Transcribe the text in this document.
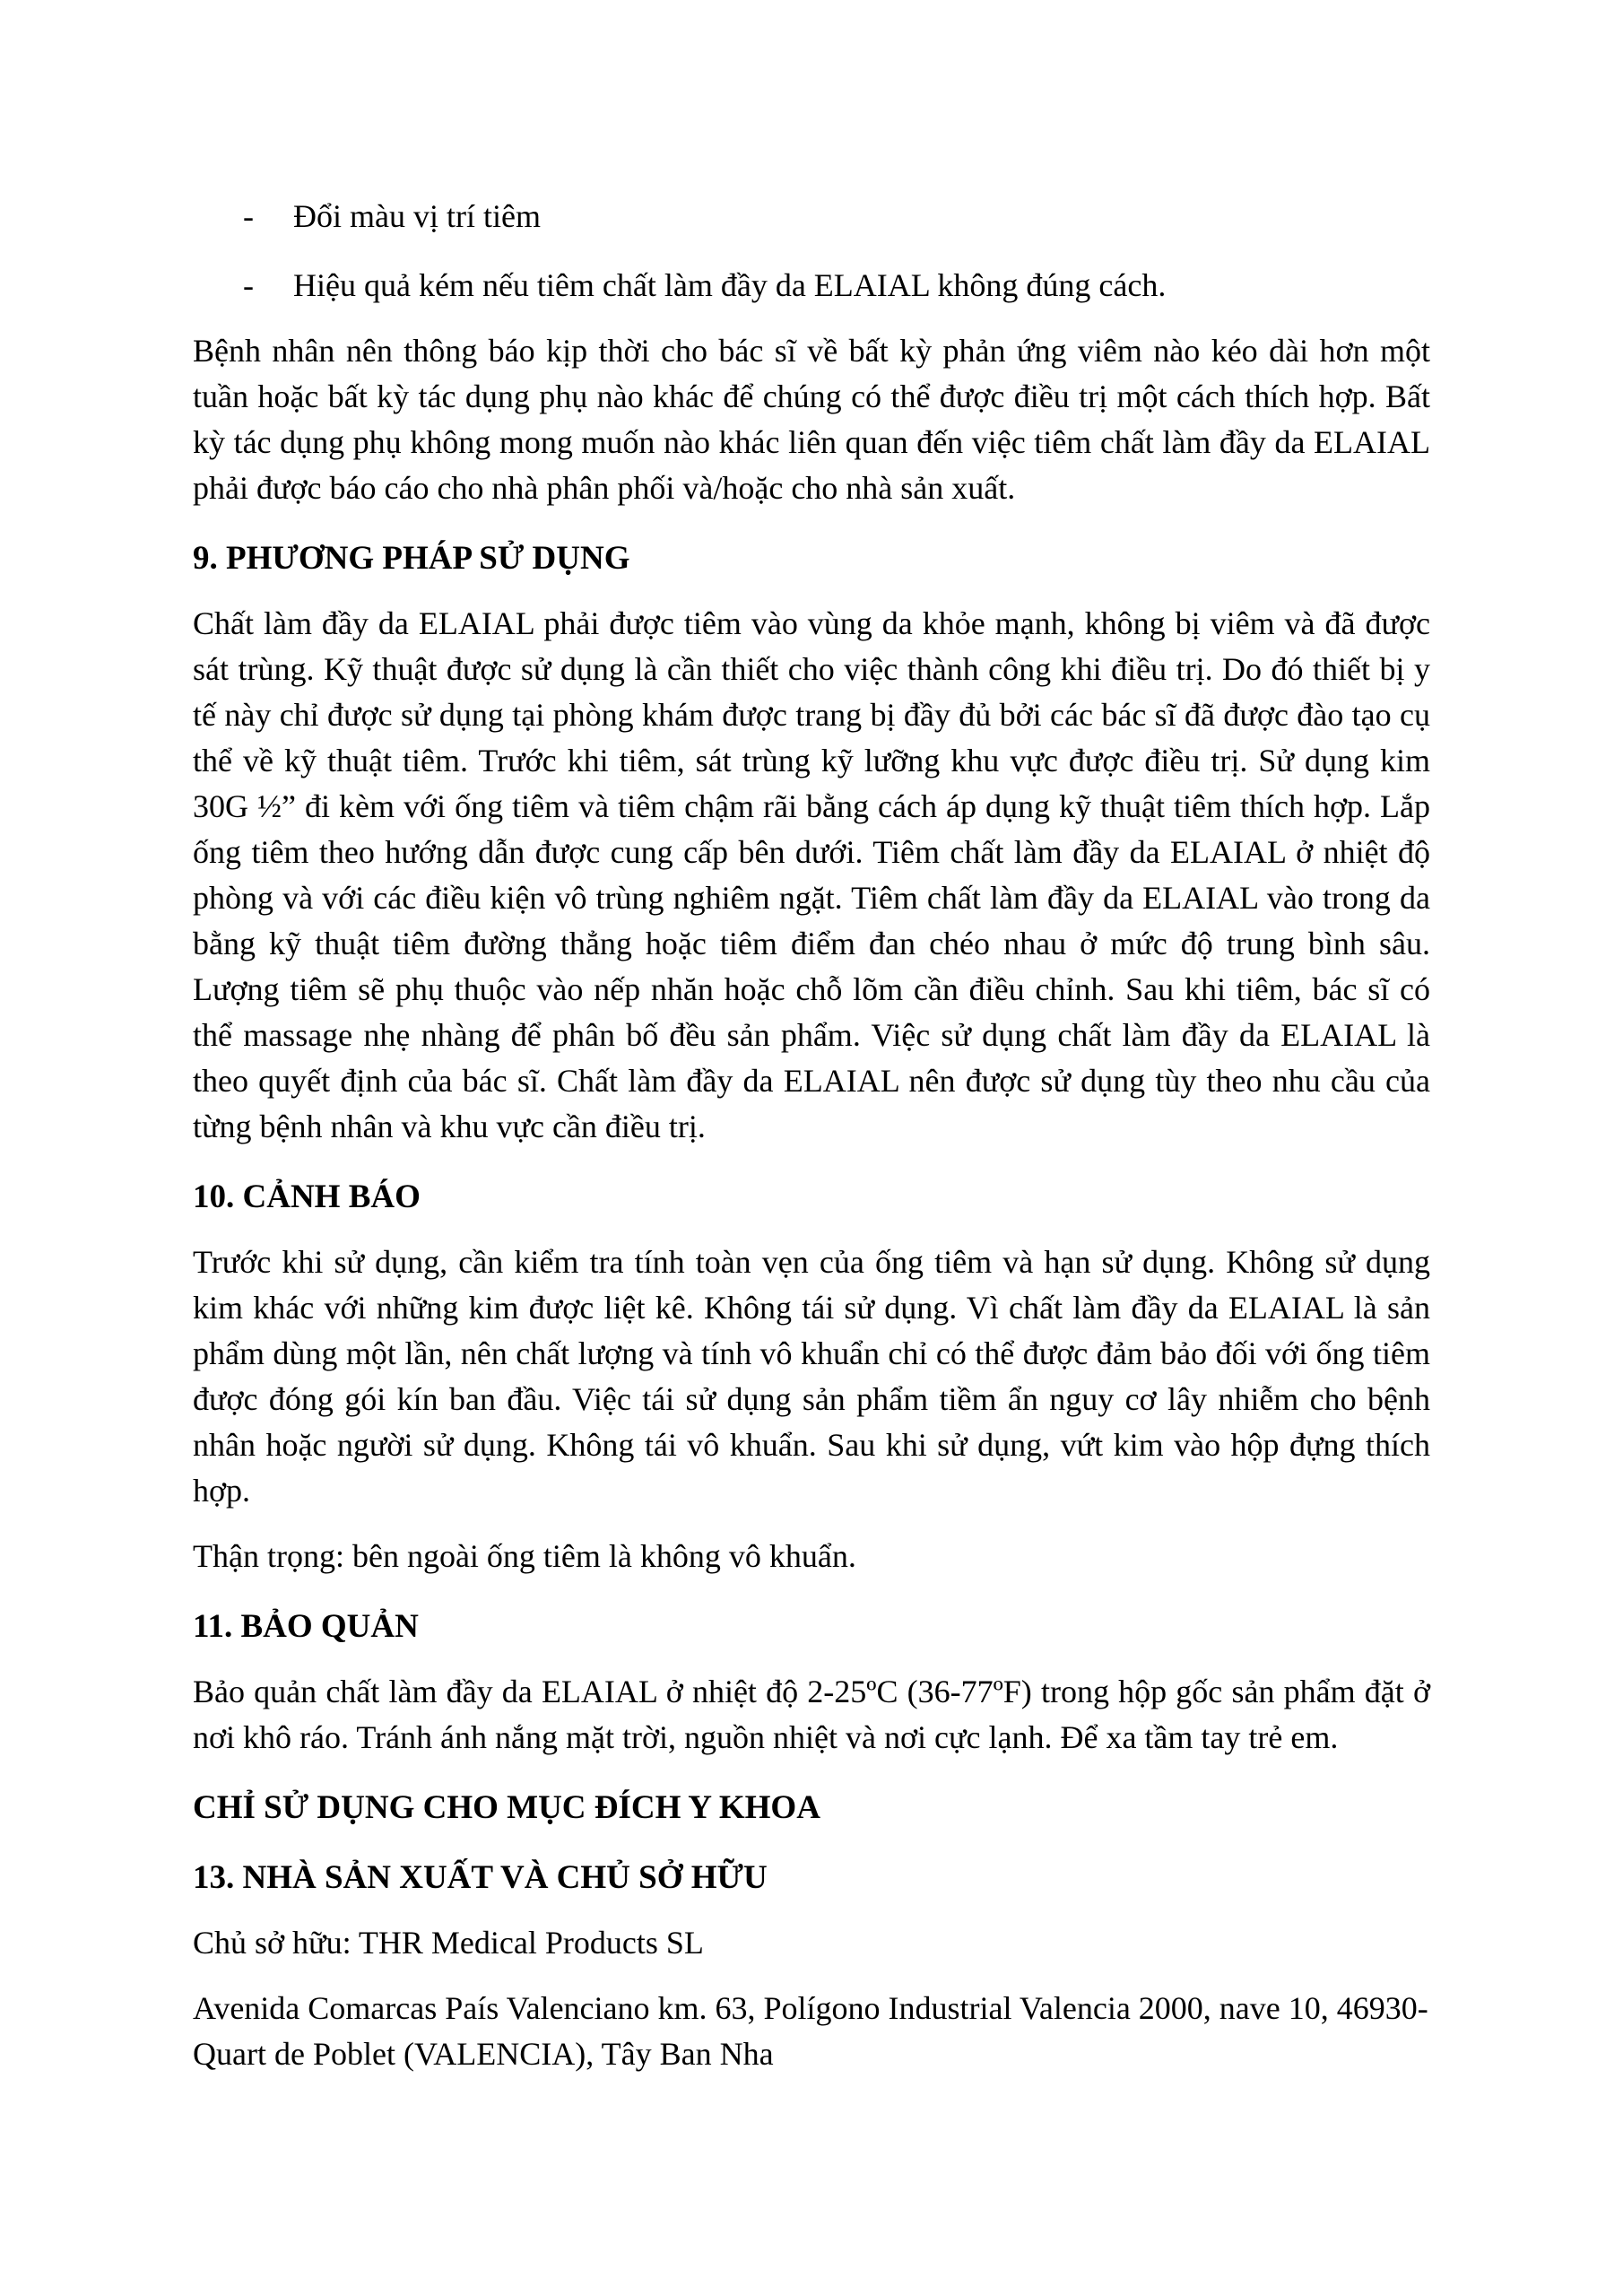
-	Đổi màu vị trí tiêm
-	Hiệu quả kém nếu tiêm chất làm đầy da ELAIAL không đúng cách.

Bệnh nhân nên thông báo kịp thời cho bác sĩ về bất kỳ phản ứng viêm nào kéo dài hơn một tuần hoặc bất kỳ tác dụng phụ nào khác để chúng có thể được điều trị một cách thích hợp. Bất kỳ tác dụng phụ không mong muốn nào khác liên quan đến việc tiêm chất làm đầy da ELAIAL phải được báo cáo cho nhà phân phối và/hoặc cho nhà sản xuất.

9. PHƯƠNG PHÁP SỬ DỤNG

Chất làm đầy da ELAIAL phải được tiêm vào vùng da khỏe mạnh, không bị viêm và đã được sát trùng. Kỹ thuật được sử dụng là cần thiết cho việc thành công khi điều trị. Do đó thiết bị y tế này chỉ được sử dụng tại phòng khám được trang bị đầy đủ bởi các bác sĩ đã được đào tạo cụ thể về kỹ thuật tiêm. Trước khi tiêm, sát trùng kỹ lưỡng khu vực được điều trị. Sử dụng kim 30G ½” đi kèm với ống tiêm và tiêm chậm rãi bằng cách áp dụng kỹ thuật tiêm thích hợp. Lắp ống tiêm theo hướng dẫn được cung cấp bên dưới. Tiêm chất làm đầy da ELAIAL ở nhiệt độ phòng và với các điều kiện vô trùng nghiêm ngặt. Tiêm chất làm đầy da ELAIAL vào trong da bằng kỹ thuật tiêm đường thẳng hoặc tiêm điểm đan chéo nhau ở mức độ trung bình sâu. Lượng tiêm sẽ phụ thuộc vào nếp nhăn hoặc chỗ lõm cần điều chỉnh. Sau khi tiêm, bác sĩ có thể massage nhẹ nhàng để phân bố đều sản phẩm. Việc sử dụng chất làm đầy da ELAIAL là theo quyết định của bác sĩ. Chất làm đầy da ELAIAL nên được sử dụng tùy theo nhu cầu của từng bệnh nhân và khu vực cần điều trị.

10. CẢNH BÁO

Trước khi sử dụng, cần kiểm tra tính toàn vẹn của ống tiêm và hạn sử dụng. Không sử dụng kim khác với những kim được liệt kê. Không tái sử dụng. Vì chất làm đầy da ELAIAL là sản phẩm dùng một lần, nên chất lượng và tính vô khuẩn chỉ có thể được đảm bảo đối với ống tiêm được đóng gói kín ban đầu. Việc tái sử dụng sản phẩm tiềm ẩn nguy cơ lây nhiễm cho bệnh nhân hoặc người sử dụng. Không tái vô khuẩn. Sau khi sử dụng, vứt kim vào hộp đựng thích hợp.

Thận trọng: bên ngoài ống tiêm là không vô khuẩn.

11. BẢO QUẢN

Bảo quản chất làm đầy da ELAIAL ở nhiệt độ 2-25ºC (36-77ºF) trong hộp gốc sản phẩm đặt ở nơi khô ráo. Tránh ánh nắng mặt trời, nguồn nhiệt và nơi cực lạnh. Để xa tầm tay trẻ em.

CHỈ SỬ DỤNG CHO MỤC ĐÍCH Y KHOA
13. NHÀ SẢN XUẤT VÀ CHỦ SỞ HỮU

Chủ sở hữu: THR Medical Products SL

Avenida Comarcas País Valenciano km. 63, Polígono Industrial Valencia 2000, nave 10, 46930- Quart de Poblet (VALENCIA), Tây Ban Nha
